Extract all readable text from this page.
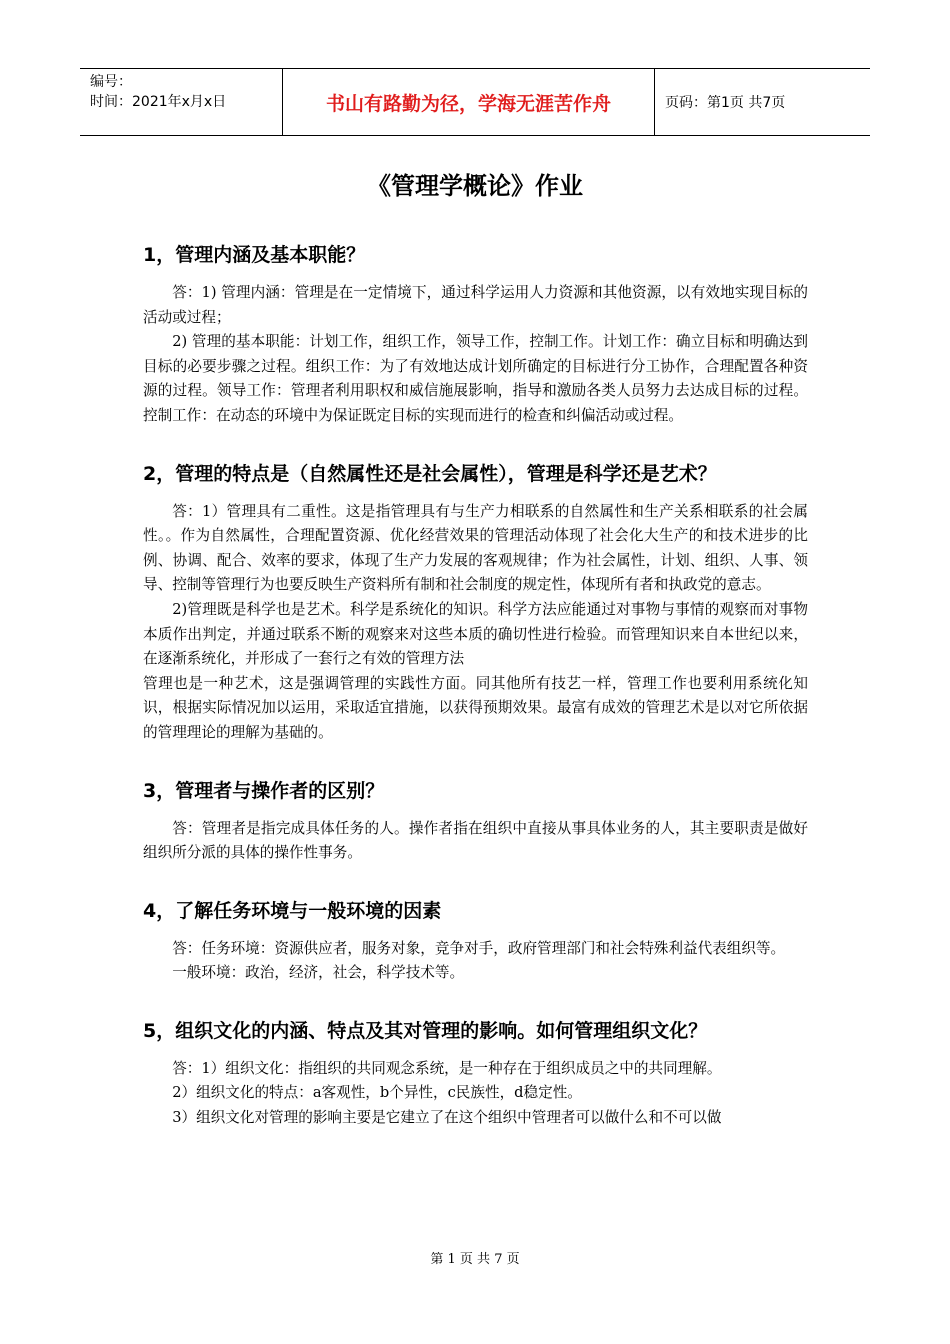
编号：
时间：2021年x月x日	书山有路勤为径，学海无涯苦作舟	页码：第1页 共7页
《管理学概论》作业
1，管理内涵及基本职能？

答：1) 管理内涵：管理是在一定情境下，通过科学运用人力资源和其他资源，以有效地实现目标的活动或过程；

2) 管理的基本职能：计划工作，组织工作，领导工作，控制工作。计划工作：确立目标和明确达到目标的必要步骤之过程。组织工作：为了有效地达成计划所确定的目标进行分工协作，合理配置各种资源的过程。领导工作：管理者利用职权和威信施展影响，指导和激励各类人员努力去达成目标的过程。控制工作：在动态的环境中为保证既定目标的实现而进行的检查和纠偏活动或过程。

2，管理的特点是（自然属性还是社会属性），管理是科学还是艺术？

答：1）管理具有二重性。这是指管理具有与生产力相联系的自然属性和生产关系相联系的社会属性。。作为自然属性，合理配置资源、优化经营效果的管理活动体现了社会化大生产的和技术进步的比例、协调、配合、效率的要求，体现了生产力发展的客观规律；作为社会属性，计划、组织、人事、领导、控制等管理行为也要反映生产资料所有制和社会制度的规定性，体现所有者和执政党的意志。

2)管理既是科学也是艺术。科学是系统化的知识。科学方法应能通过对事物与事情的观察而对事物本质作出判定，并通过联系不断的观察来对这些本质的确切性进行检验。而管理知识来自本世纪以来，在逐渐系统化，并形成了一套行之有效的管理方法

管理也是一种艺术，这是强调管理的实践性方面。同其他所有技艺一样，管理工作也要利用系统化知识，根据实际情况加以运用，采取适宜措施，以获得预期效果。最富有成效的管理艺术是以对它所依据的管理理论的理解为基础的。

3，管理者与操作者的区别？

答：管理者是指完成具体任务的人。操作者指在组织中直接从事具体业务的人，其主要职责是做好组织所分派的具体的操作性事务。

4，了解任务环境与一般环境的因素

答：任务环境：资源供应者，服务对象，竞争对手，政府管理部门和社会特殊利益代表组织等。

一般环境：政治，经济，社会，科学技术等。

5，组织文化的内涵、特点及其对管理的影响。如何管理组织文化？

答：1）组织文化：指组织的共同观念系统，是一种存在于组织成员之中的共同理解。

2）组织文化的特点：a客观性，b个异性，c民族性，d稳定性。

3）组织文化对管理的影响主要是它建立了在这个组织中管理者可以做什么和不可以做

第 1 页 共 7 页
